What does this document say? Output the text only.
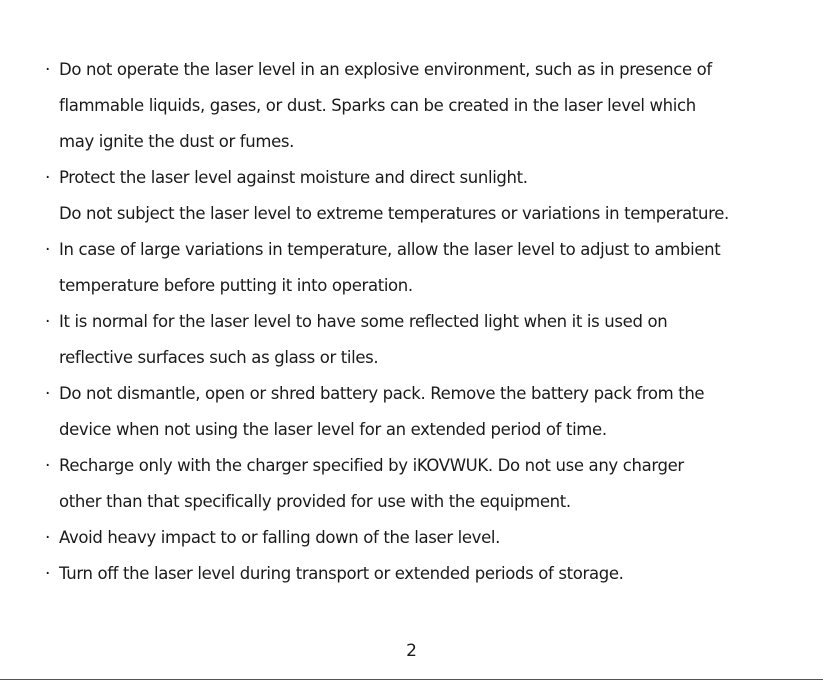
· Do not operate the laser level in an explosive environment, such as in presence of
flammable liquids, gases, or dust. Sparks can be created in the laser level which
may ignite the dust or fumes.
· Protect the laser level against moisture and direct sunlight.
Do not subject the laser level to extreme temperatures or variations in temperature.
· In case of large variations in temperature, allow the laser level to adjust to ambient
temperature before putting it into operation.
· It is normal for the laser level to have some reflected light when it is used on
reflective surfaces such as glass or tiles.
· Do not dismantle, open or shred battery pack. Remove the battery pack from the
device when not using the laser level for an extended period of time.
· Recharge only with the charger specified by iKOVWUK. Do not use any charger
other than that specifically provided for use with the equipment.
· Avoid heavy impact to or falling down of the laser level.
· Turn off the laser level during transport or extended periods of storage.
2
